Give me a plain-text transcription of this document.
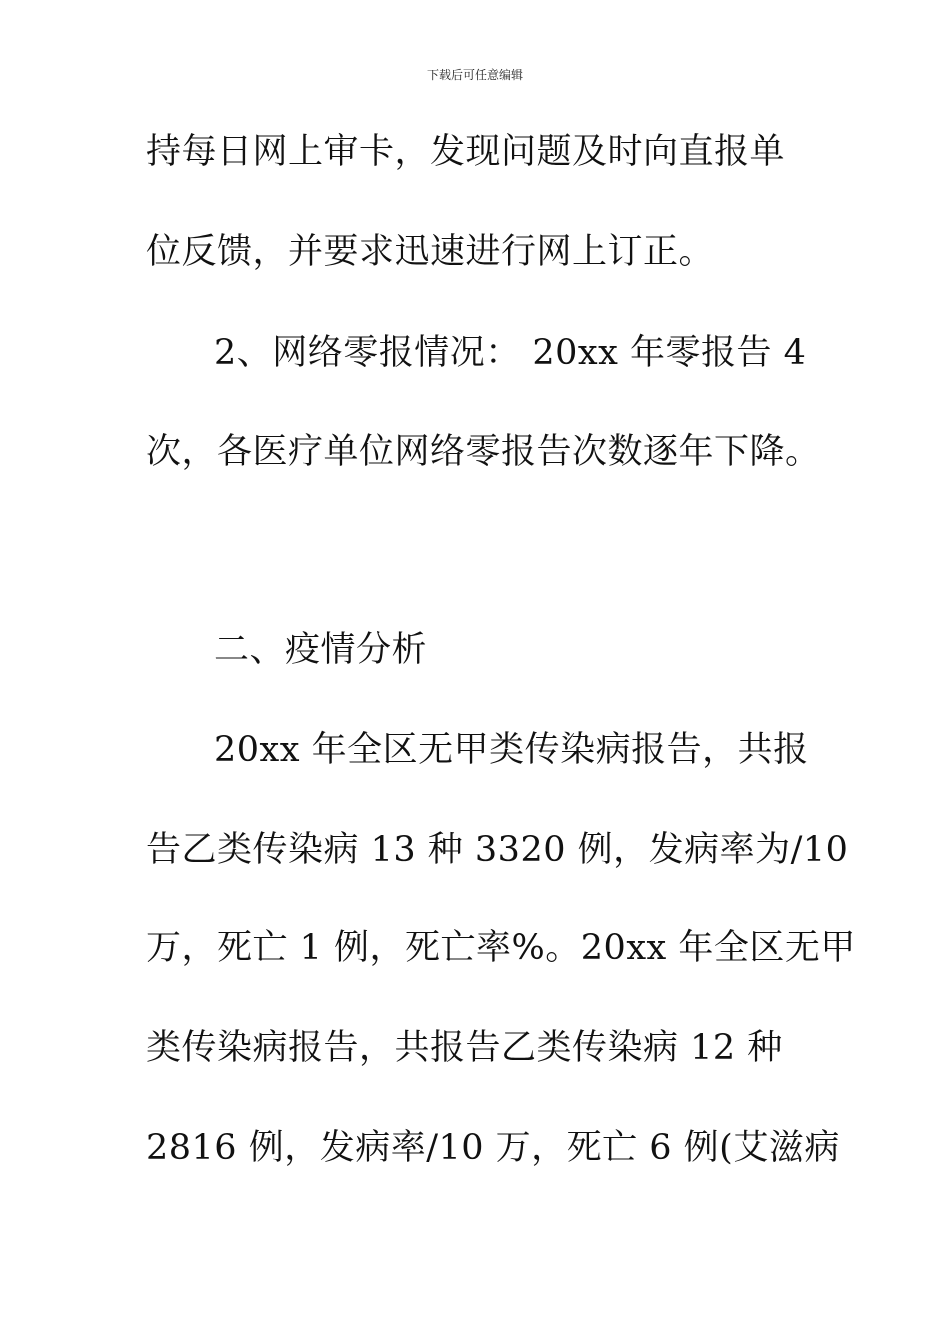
下载后可任意编辑
持每日网上审卡，发现问题及时向直报单
位反馈，并要求迅速进行网上订正。
2、网络零报情况： 20xx 年零报告 4
次，各医疗单位网络零报告次数逐年下降。
二、疫情分析
20xx 年全区无甲类传染病报告，共报
告乙类传染病 13 种 3320 例，发病率为/10
万，死亡 1 例，死亡率%。20xx 年全区无甲
类传染病报告，共报告乙类传染病 12 种
2816 例，发病率/10 万，死亡 6 例(艾滋病
